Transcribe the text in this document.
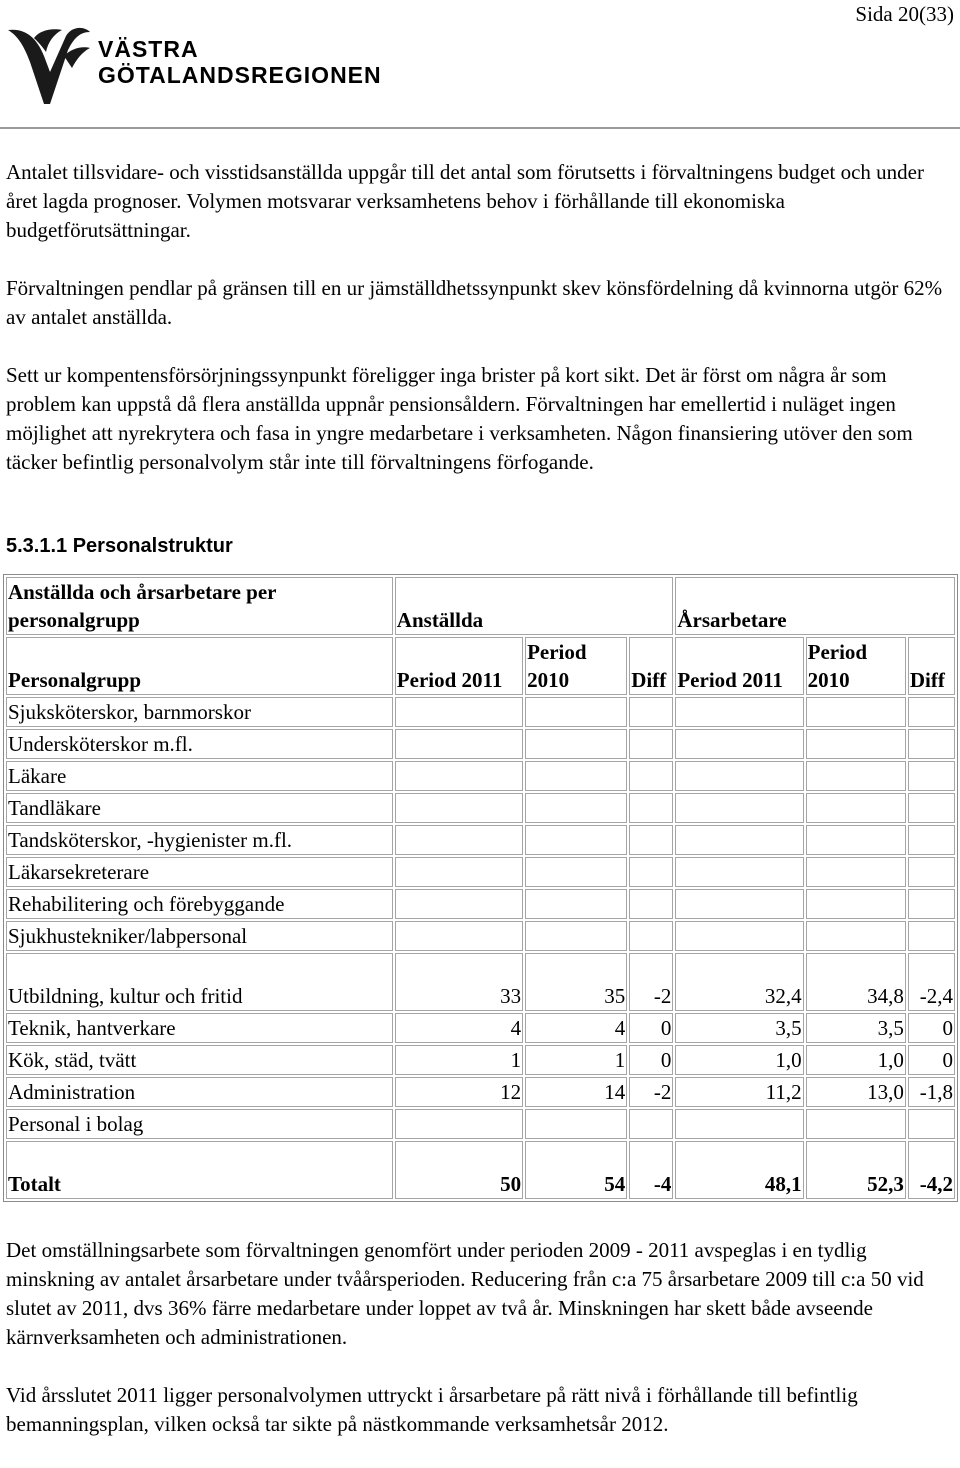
Sida 20(33)
VÄSTRA
GÖTALANDSREGIONEN

Antalet tillsvidare- och visstidsanställda uppgår till det antal som förutsetts i förvaltningens budget och under året lagda prognoser. Volymen motsvarar verksamhetens behov i förhållande till ekonomiska budgetförutsättningar.

Förvaltningen pendlar på gränsen till en ur jämställdhetssynpunkt skev könsfördelning då kvinnorna utgör 62% av antalet anställda.

Sett ur kompentensförsörjningssynpunkt föreligger inga brister på kort sikt. Det är först om några år som problem kan uppstå då flera anställda uppnår pensionsåldern. Förvaltningen har emellertid i nuläget ingen möjlighet att nyrekrytera och fasa in yngre medarbetare i verksamheten. Någon finansiering utöver den som täcker befintlig personalvolym står inte till förvaltningens förfogande.

5.3.1.1 Personalstruktur
Anställda och årsarbetare per personalgrupp	Anställda			Årsarbetare		
Personalgrupp	Period 2011	Period 2010	Diff	Period 2011	Period 2010	Diff
Sjuksköterskor, barnmorskor						
Undersköterskor m.fl.						
Läkare						
Tandläkare						
Tandsköterskor, -hygienister m.fl.						
Läkarsekreterare						
Rehabilitering och förebyggande						
Sjukhustekniker/labpersonal						
Utbildning, kultur och fritid	33	35	-2	32,4	34,8	-2,4
Teknik, hantverkare	4	4	0	3,5	3,5	0
Kök, städ, tvätt	1	1	0	1,0	1,0	0
Administration	12	14	-2	11,2	13,0	-1,8
Personal i bolag						
Totalt	50	54	-4	48,1	52,3	-4,2

Det omställningsarbete som förvaltningen genomfört under perioden 2009 - 2011 avspeglas i en tydlig minskning av antalet årsarbetare under tvåårsperioden. Reducering från c:a 75 årsarbetare 2009 till c:a 50 vid slutet av 2011, dvs 36% färre medarbetare under loppet av två år. Minskningen har skett både avseende kärnverksamheten och administrationen.

Vid årsslutet 2011 ligger personalvolymen uttryckt i årsarbetare på rätt nivå i förhållande till befintlig bemanningsplan, vilken också tar sikte på nästkommande verksamhetsår 2012.
